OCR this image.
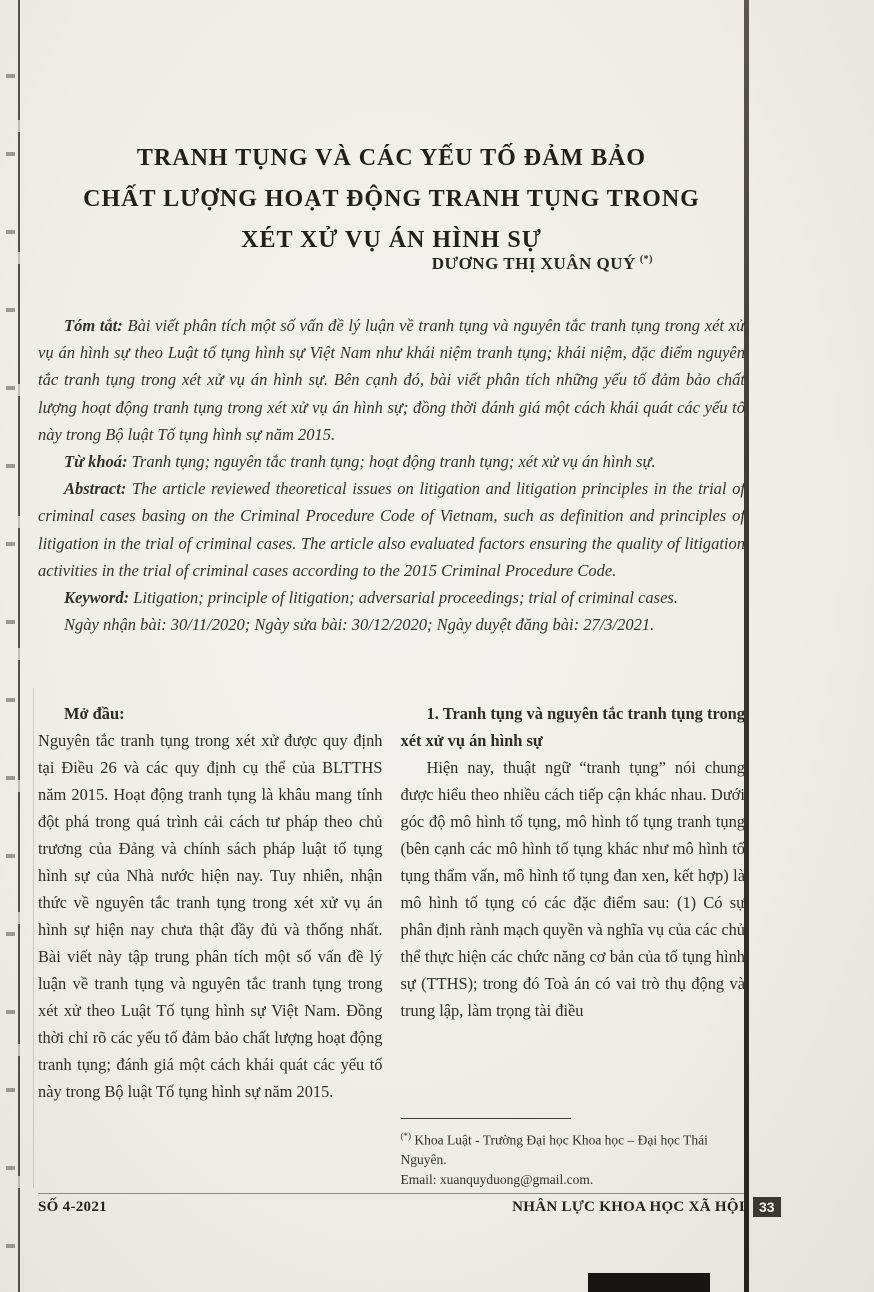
TRANH TỤNG VÀ CÁC YẾU TỐ ĐẢM BẢO
CHẤT LƯỢNG HOẠT ĐỘNG TRANH TỤNG TRONG
XÉT XỬ VỤ ÁN HÌNH SỰ
DƯƠNG THỊ XUÂN QUÝ (*)

Tóm tắt: Bài viết phân tích một số vấn đề lý luận về tranh tụng và nguyên tắc tranh tụng trong xét xử vụ án hình sự theo Luật tố tụng hình sự Việt Nam như khái niệm tranh tụng; khái niệm, đặc điểm nguyên tắc tranh tụng trong xét xử vụ án hình sự. Bên cạnh đó, bài viết phân tích những yếu tố đảm bảo chất lượng hoạt động tranh tụng trong xét xử vụ án hình sự; đồng thời đánh giá một cách khái quát các yếu tố này trong Bộ luật Tố tụng hình sự năm 2015.

Từ khoá: Tranh tụng; nguyên tắc tranh tụng; hoạt động tranh tụng; xét xử vụ án hình sự.

Abstract: The article reviewed theoretical issues on litigation and litigation principles in the trial of criminal cases basing on the Criminal Procedure Code of Vietnam, such as definition and principles of litigation in the trial of criminal cases. The article also evaluated factors ensuring the quality of litigation activities in the trial of criminal cases according to the 2015 Criminal Procedure Code.

Keyword: Litigation; principle of litigation; adversarial proceedings; trial of criminal cases.

Ngày nhận bài: 30/11/2020; Ngày sửa bài: 30/12/2020; Ngày duyệt đăng bài: 27/3/2021.

Mở đầu:

Nguyên tắc tranh tụng trong xét xử được quy định tại Điều 26 và các quy định cụ thể của BLTTHS năm 2015. Hoạt động tranh tụng là khâu mang tính đột phá trong quá trình cải cách tư pháp theo chủ trương của Đảng và chính sách pháp luật tố tụng hình sự của Nhà nước hiện nay. Tuy nhiên, nhận thức về nguyên tắc tranh tụng trong xét xử vụ án hình sự hiện nay chưa thật đầy đủ và thống nhất. Bài viết này tập trung phân tích một số vấn đề lý luận về tranh tụng và nguyên tắc tranh tụng trong xét xử theo Luật Tố tụng hình sự Việt Nam. Đồng thời chỉ rõ các yếu tố đảm bảo chất lượng hoạt động tranh tụng; đánh giá một cách khái quát các yếu tố này trong Bộ luật Tố tụng hình sự năm 2015.

1. Tranh tụng và nguyên tắc tranh tụng trong xét xử vụ án hình sự

Hiện nay, thuật ngữ “tranh tụng” nói chung được hiểu theo nhiều cách tiếp cận khác nhau. Dưới góc độ mô hình tố tụng, mô hình tố tụng tranh tụng (bên cạnh các mô hình tố tụng khác như mô hình tố tụng thẩm vấn, mô hình tố tụng đan xen, kết hợp) là mô hình tố tụng có các đặc điểm sau: (1) Có sự phân định rành mạch quyền và nghĩa vụ của các chủ thể thực hiện các chức năng cơ bản của tố tụng hình sự (TTHS); trong đó Toà án có vai trò thụ động và trung lập, làm trọng tài điều

(*) Khoa Luật - Trường Đại học Khoa học – Đại học Thái Nguyên.

Email: xuanquyduong@gmail.com.

SỐ 4-2021	NHÂN LỰC KHOA HỌC XÃ HỘI	33
